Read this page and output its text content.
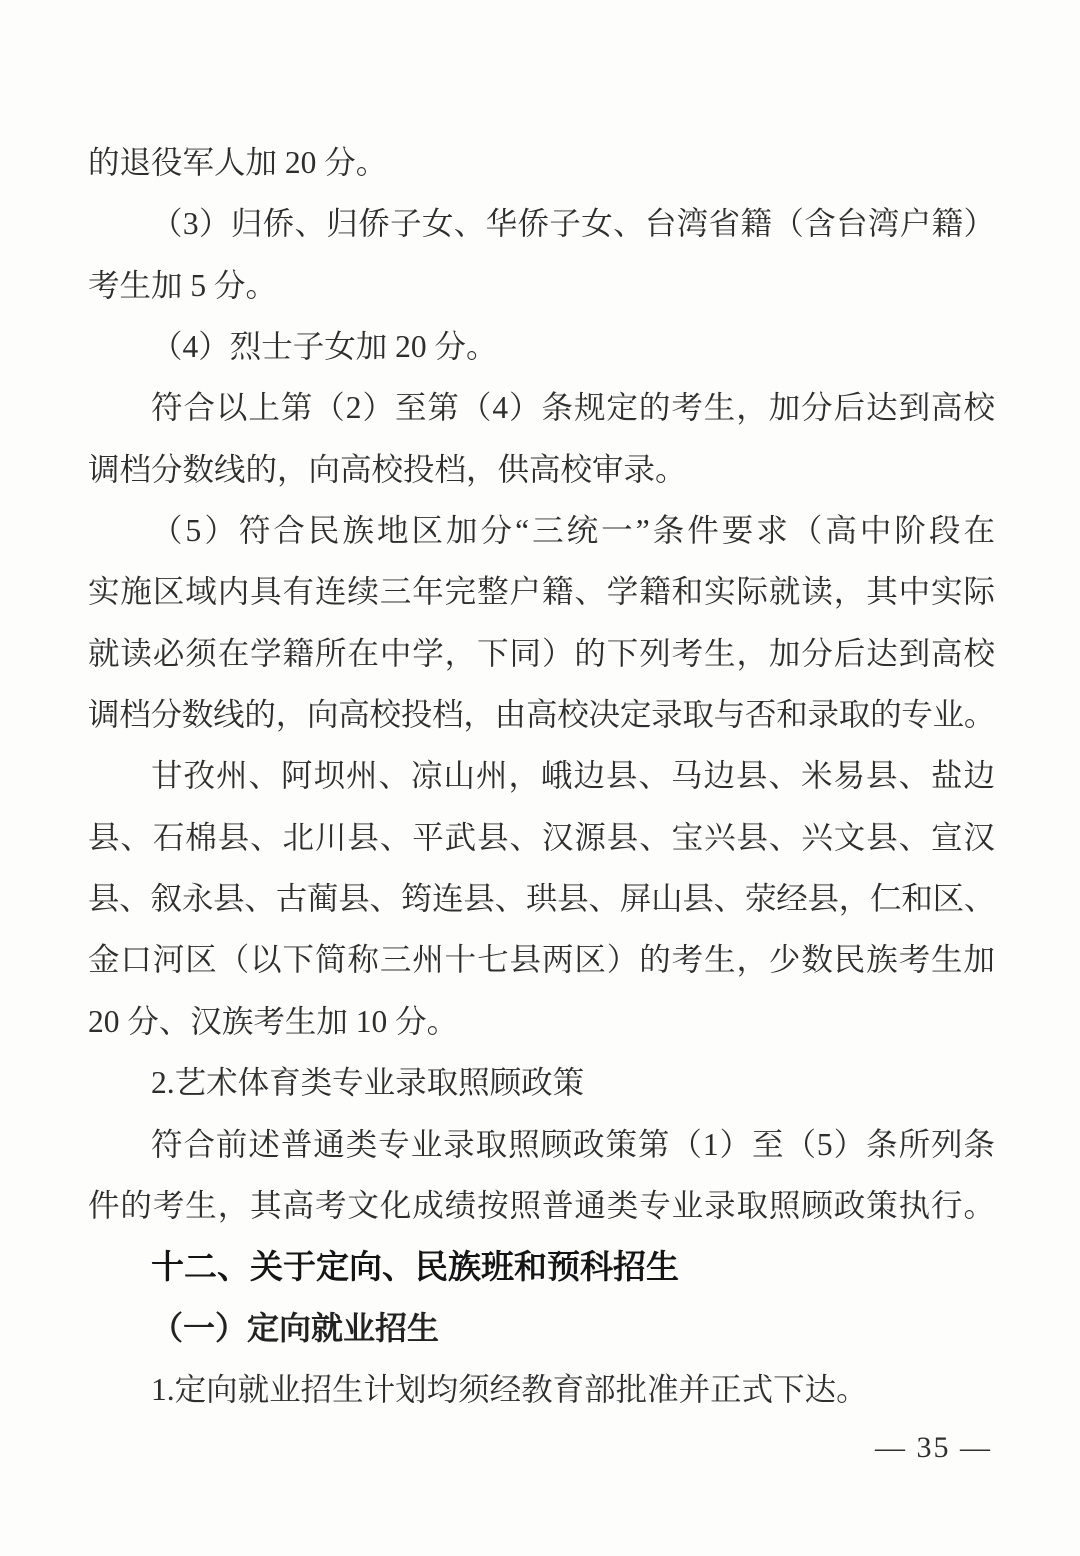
的退役军人加 20 分。

（3）归侨、归侨子女、华侨子女、台湾省籍（含台湾户籍）

考生加 5 分。

（4）烈士子女加 20 分。

符合以上第（2）至第（4）条规定的考生，加分后达到高校

调档分数线的，向高校投档，供高校审录。

（5）符合民族地区加分“三统一”条件要求（高中阶段在

实施区域内具有连续三年完整户籍、学籍和实际就读，其中实际

就读必须在学籍所在中学，下同）的下列考生，加分后达到高校

调档分数线的，向高校投档，由高校决定录取与否和录取的专业。

甘孜州、阿坝州、凉山州，峨边县、马边县、米易县、盐边

县、石棉县、北川县、平武县、汉源县、宝兴县、兴文县、宣汉

县、叙永县、古蔺县、筠连县、珙县、屏山县、荥经县，仁和区、

金口河区（以下简称三州十七县两区）的考生，少数民族考生加

20 分、汉族考生加 10 分。

2.艺术体育类专业录取照顾政策

符合前述普通类专业录取照顾政策第（1）至（5）条所列条

件的考生，其高考文化成绩按照普通类专业录取照顾政策执行。

十二、关于定向、民族班和预科招生

（一）定向就业招生

1.定向就业招生计划均须经教育部批准并正式下达。

— 35 —
